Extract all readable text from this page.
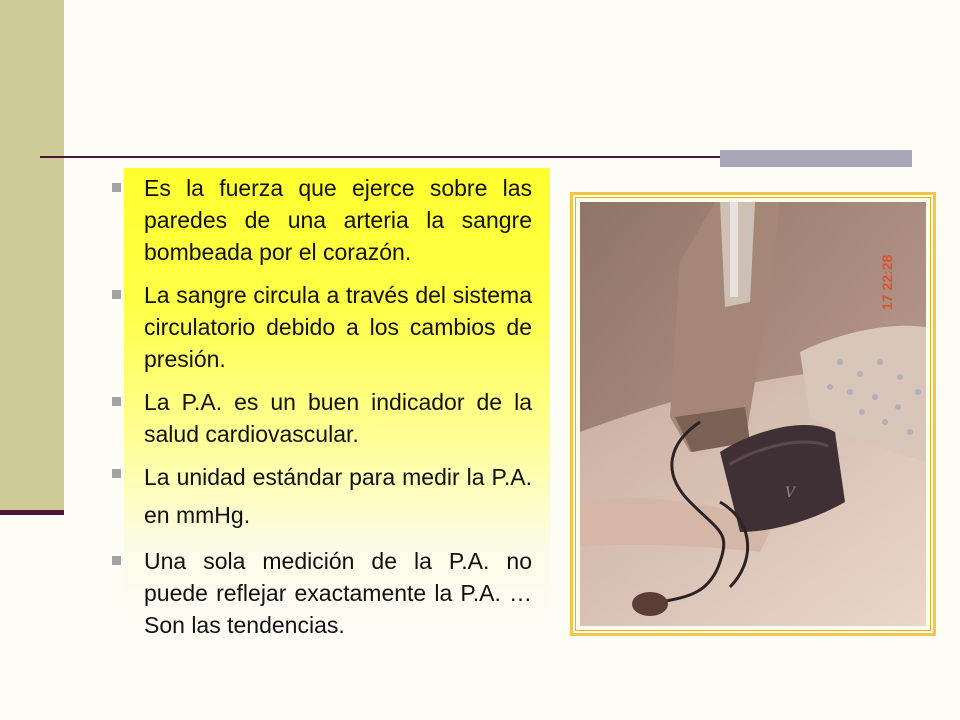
Es la fuerza que ejerce sobre las paredes de una arteria la sangre bombeada por el corazón.
La sangre circula a través del sistema circulatorio debido a los cambios de presión.
La P.A. es un buen indicador de la salud cardiovascular.
La unidad estándar para medir la P.A. en mmHg.
Una sola medición de la P.A. no puede reflejar exactamente la P.A. … Son las tendencias.
V
17 22:28
